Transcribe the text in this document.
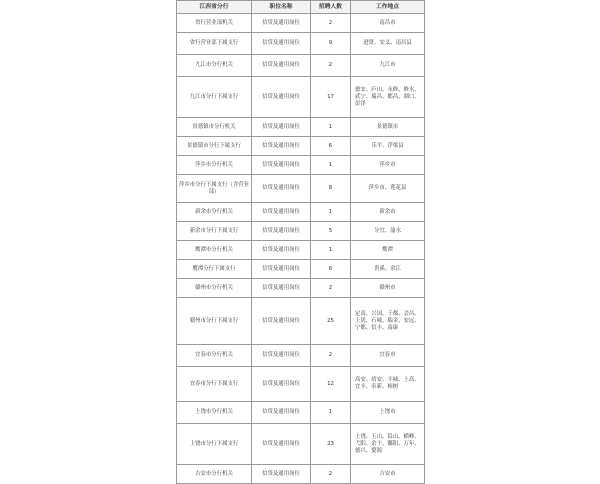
江西省分行	职位名称	招聘人数	工作地点
省行营业部机关	信贷及通用岗位	2	南昌市
省行营业部下属支行	信贷及通用岗位	9	进贤、安义、南昌县
九江市分行机关	信贷及通用岗位	2	九江市
九江市分行下属支行	信贷及通用岗位	17	德安、庐山、永修、修水、武宁、瑞昌、都昌、湖口、彭泽
景德镇市分行机关	信贷及通用岗位	1	景德镇市
景德镇市分行下属支行	信贷及通用岗位	6	乐平、浮梁县
萍乡市分行机关	信贷及通用岗位	1	萍乡市
萍乡市分行下属支行（含营业部）	信贷及通用岗位	8	萍乡市、莲花县
新余市分行机关	信贷及通用岗位	1	新余市
新余市分行下属支行	信贷及通用岗位	5	分宜、渝水
鹰潭市分行机关	信贷及通用岗位	1	鹰潭
鹰潭分行下属支行	信贷及通用岗位	6	贵溪、余江
赣州市分行机关	信贷及通用岗位	2	赣州市
赣州市分行下属支行	信贷及通用岗位	25	定南、兴国、于都、会昌、上犹、石城、瑞金、安远、宁都、信丰、南康
宜春市分行机关	信贷及通用岗位	2	宜春市
宜春市分行下属支行	信贷及通用岗位	12	高安、靖安、丰城、上高、宜丰、奉新、樟树
上饶市分行机关	信贷及通用岗位	1	上饶市
上饶市分行下属支行	信贷及通用岗位	23	上饶、玉山、铅山、横峰、弋阳、余干、鄱阳、万年、德兴、婺源
吉安市分行机关	信贷及通用岗位	2	吉安市
